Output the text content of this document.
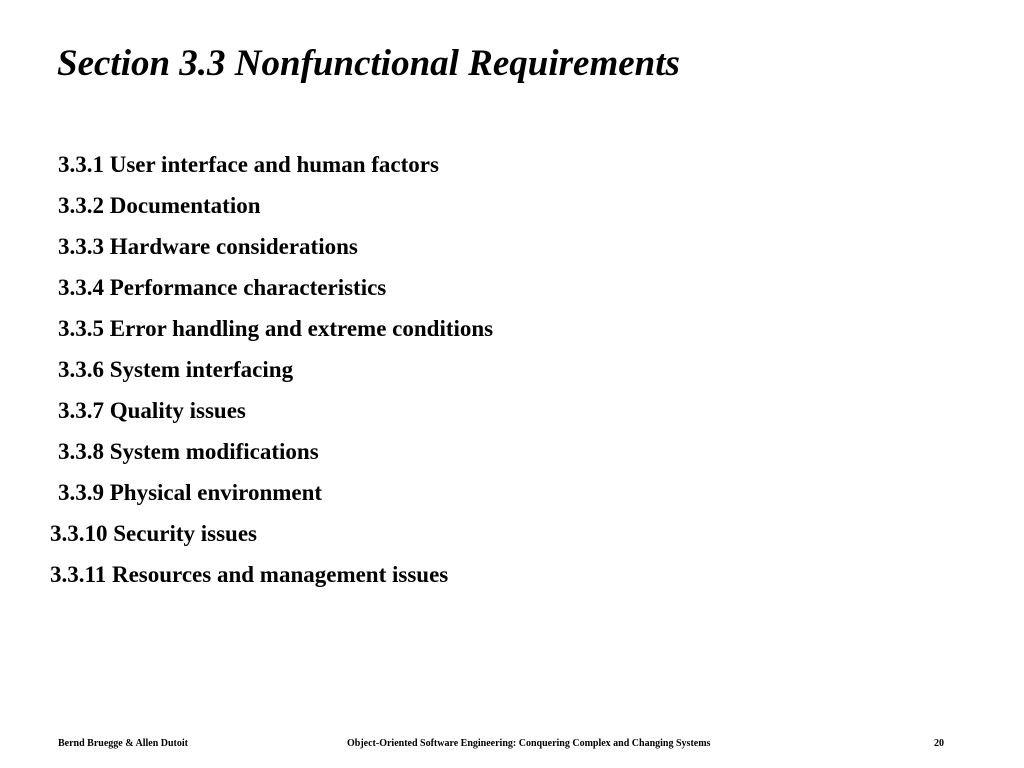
Section 3.3 Nonfunctional Requirements
3.3.1 User interface and human factors
3.3.2 Documentation
3.3.3 Hardware considerations
3.3.4 Performance characteristics
3.3.5 Error handling and extreme conditions
3.3.6 System interfacing
3.3.7 Quality issues
3.3.8 System modifications
3.3.9 Physical environment
3.3.10 Security issues
3.3.11 Resources and management issues
Bernd Bruegge & Allen Dutoit	Object-Oriented Software Engineering: Conquering Complex and Changing Systems	20
